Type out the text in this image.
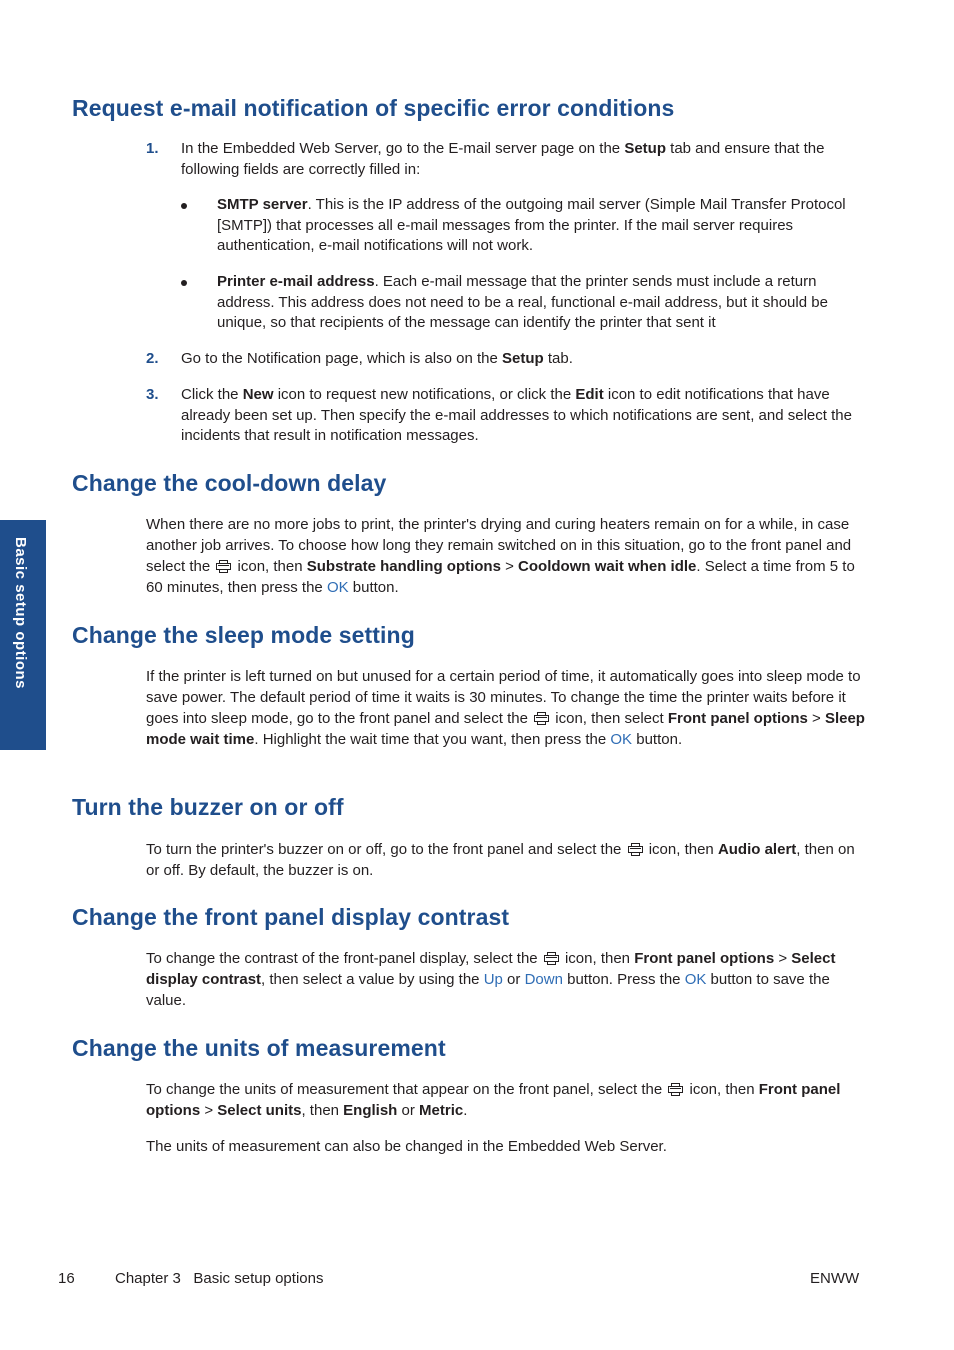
Request e-mail notification of specific error conditions
1. In the Embedded Web Server, go to the E-mail server page on the Setup tab and ensure that the following fields are correctly filled in:
SMTP server. This is the IP address of the outgoing mail server (Simple Mail Transfer Protocol [SMTP]) that processes all e-mail messages from the printer. If the mail server requires authentication, e-mail notifications will not work.
Printer e-mail address. Each e-mail message that the printer sends must include a return address. This address does not need to be a real, functional e-mail address, but it should be unique, so that recipients of the message can identify the printer that sent it
2. Go to the Notification page, which is also on the Setup tab.
3. Click the New icon to request new notifications, or click the Edit icon to edit notifications that have already been set up. Then specify the e-mail addresses to which notifications are sent, and select the incidents that result in notification messages.
Change the cool-down delay

When there are no more jobs to print, the printer's drying and curing heaters remain on for a while, in case another job arrives. To choose how long they remain switched on in this situation, go to the front panel and select the  icon, then Substrate handling options > Cooldown wait when idle. Select a time from 5 to 60 minutes, then press the OK button.

Change the sleep mode setting

If the printer is left turned on but unused for a certain period of time, it automatically goes into sleep mode to save power. The default period of time it waits is 30 minutes. To change the time the printer waits before it goes into sleep mode, go to the front panel and select the  icon, then select Front panel options > Sleep mode wait time. Highlight the wait time that you want, then press the OK button.

Turn the buzzer on or off

To turn the printer's buzzer on or off, go to the front panel and select the  icon, then Audio alert, then on or off. By default, the buzzer is on.

Change the front panel display contrast

To change the contrast of the front-panel display, select the  icon, then Front panel options > Select display contrast, then select a value by using the Up or Down button. Press the OK button to save the value.

Change the units of measurement

To change the units of measurement that appear on the front panel, select the  icon, then Front panel options > Select units, then English or Metric.

The units of measurement can also be changed in the Embedded Web Server.

Basic setup options
16	Chapter 3   Basic setup options	ENWW
